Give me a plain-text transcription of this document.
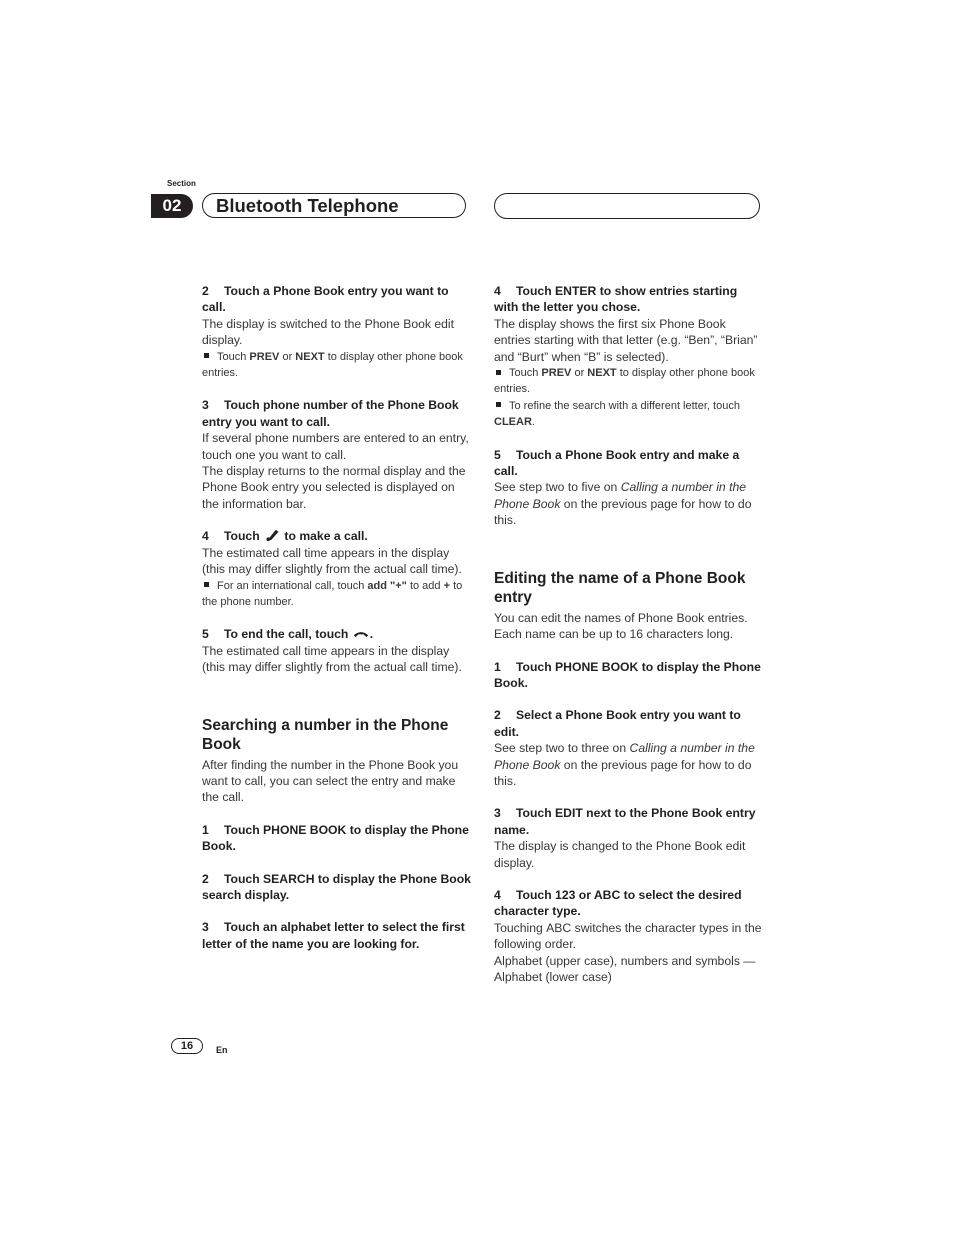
Section
02	Bluetooth Telephone
2 Touch a Phone Book entry you want to call.
The display is switched to the Phone Book edit display.
Touch PREV or NEXT to display other phone book entries.
3 Touch phone number of the Phone Book entry you want to call.
If several phone numbers are entered to an entry, touch one you want to call.
The display returns to the normal display and the Phone Book entry you selected is displayed on the information bar.
4 Touch  to make a call.
The estimated call time appears in the display (this may differ slightly from the actual call time).
For an international call, touch add "+" to add + to the phone number.
5 To end the call, touch .
The estimated call time appears in the display (this may differ slightly from the actual call time).
Searching a number in the Phone Book
After finding the number in the Phone Book you want to call, you can select the entry and make the call.
1 Touch PHONE BOOK to display the Phone Book.
2 Touch SEARCH to display the Phone Book search display.
3 Touch an alphabet letter to select the first letter of the name you are looking for.
4 Touch ENTER to show entries starting with the letter you chose.
The display shows the first six Phone Book entries starting with that letter (e.g. “Ben”, “Brian” and “Burt” when “B” is selected).
Touch PREV or NEXT to display other phone book entries.
To refine the search with a different letter, touch CLEAR.
5 Touch a Phone Book entry and make a call.
See step two to five on Calling a number in the Phone Book on the previous page for how to do this.
Editing the name of a Phone Book entry
You can edit the names of Phone Book entries. Each name can be up to 16 characters long.
1 Touch PHONE BOOK to display the Phone Book.
2 Select a Phone Book entry you want to edit.
See step two to three on Calling a number in the Phone Book on the previous page for how to do this.
3 Touch EDIT next to the Phone Book entry name.
The display is changed to the Phone Book edit display.
4 Touch 123 or ABC to select the desired character type.
Touching ABC switches the character types in the following order.
Alphabet (upper case), numbers and symbols —Alphabet (lower case)
16	En
